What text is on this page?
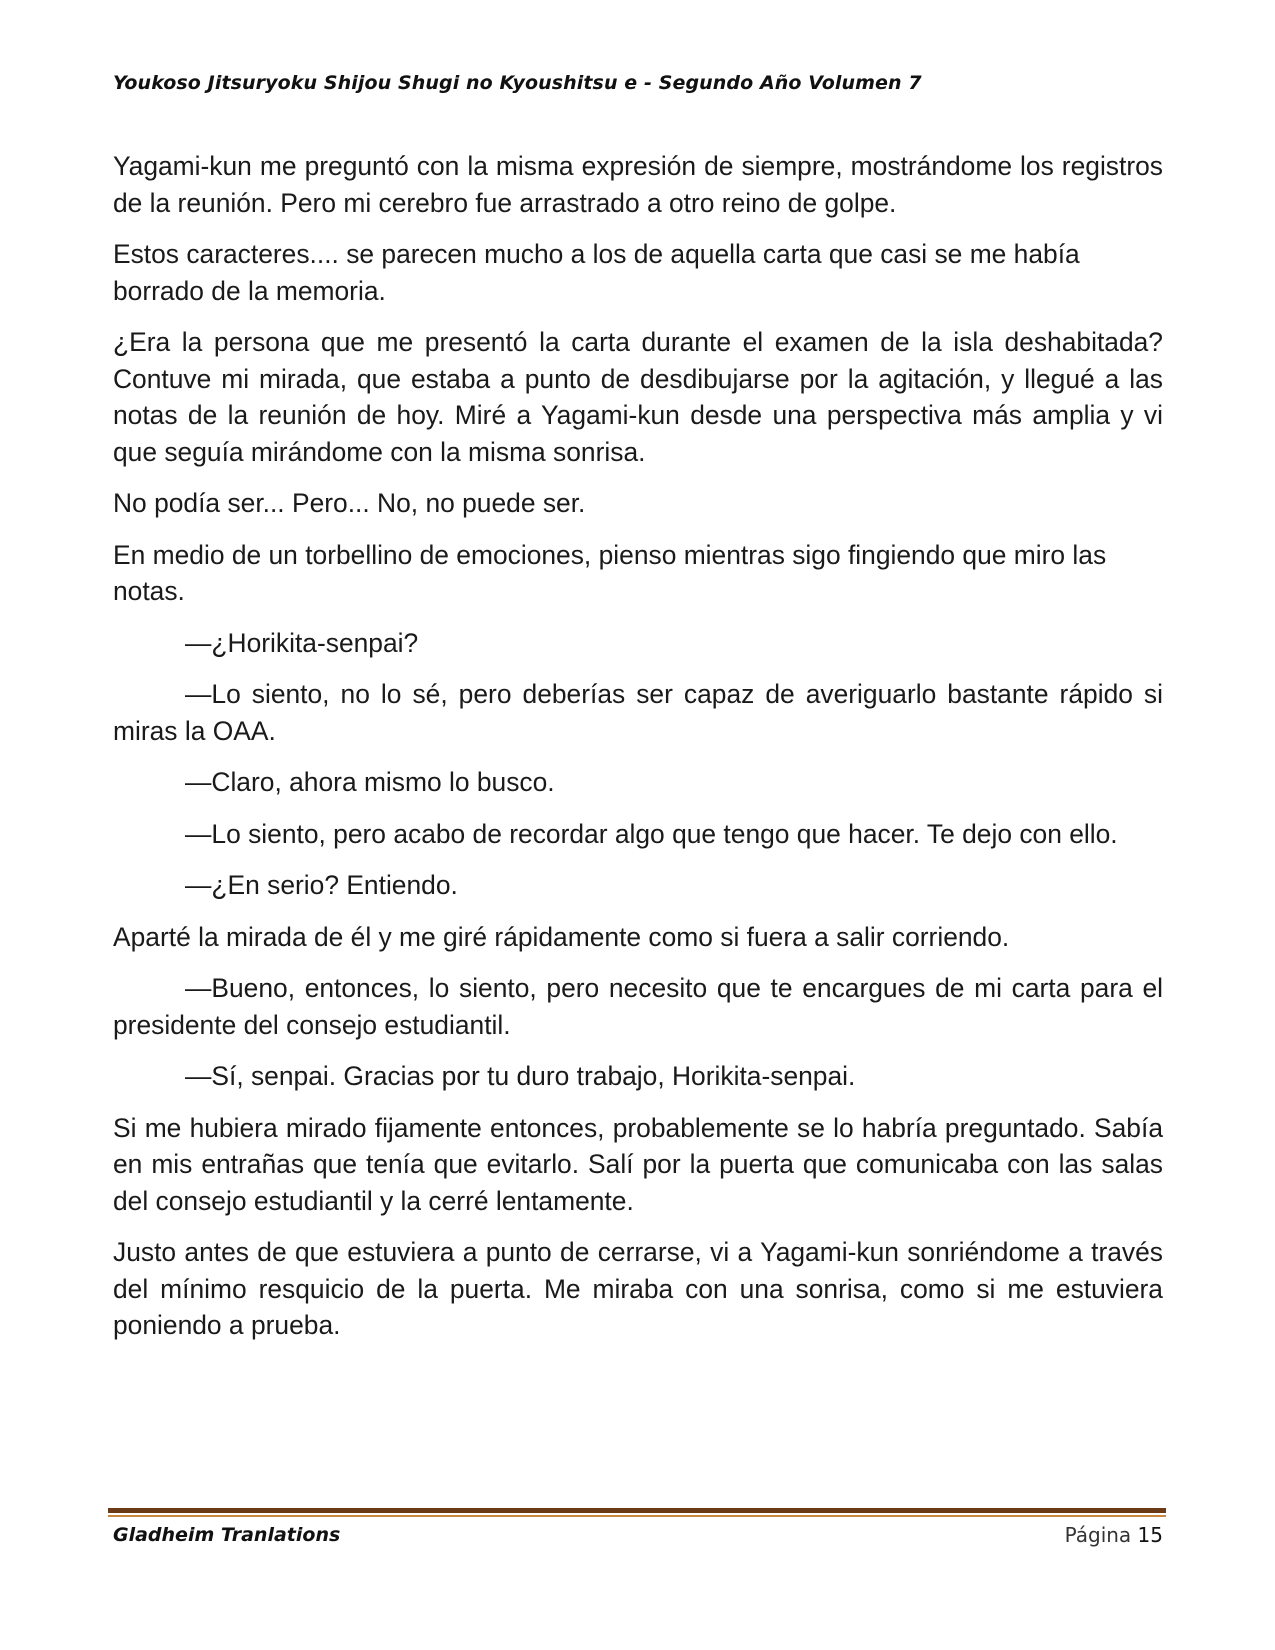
Youkoso Jitsuryoku Shijou Shugi no Kyoushitsu e - Segundo Año Volumen 7

Yagami-kun me preguntó con la misma expresión de siempre, mostrándome los registros de la reunión. Pero mi cerebro fue arrastrado a otro reino de golpe.

Estos caracteres.... se parecen mucho a los de aquella carta que casi se me había borrado de la memoria.

¿Era la persona que me presentó la carta durante el examen de la isla deshabitada? Contuve mi mirada, que estaba a punto de desdibujarse por la agitación, y llegué a las notas de la reunión de hoy. Miré a Yagami-kun desde una perspectiva más amplia y vi que seguía mirándome con la misma sonrisa.

No podía ser... Pero... No, no puede ser.

En medio de un torbellino de emociones, pienso mientras sigo fingiendo que miro las notas.

—¿Horikita-senpai?

—Lo siento, no lo sé, pero deberías ser capaz de averiguarlo bastante rápido si miras la OAA.

—Claro, ahora mismo lo busco.

—Lo siento, pero acabo de recordar algo que tengo que hacer. Te dejo con ello.

—¿En serio? Entiendo.

Aparté la mirada de él y me giré rápidamente como si fuera a salir corriendo.

—Bueno, entonces, lo siento, pero necesito que te encargues de mi carta para el presidente del consejo estudiantil.

—Sí, senpai. Gracias por tu duro trabajo, Horikita-senpai.

Si me hubiera mirado fijamente entonces, probablemente se lo habría preguntado. Sabía en mis entrañas que tenía que evitarlo. Salí por la puerta que comunicaba con las salas del consejo estudiantil y la cerré lentamente.

Justo antes de que estuviera a punto de cerrarse, vi a Yagami-kun sonriéndome a través del mínimo resquicio de la puerta. Me miraba con una sonrisa, como si me estuviera poniendo a prueba.

Gladheim Tranlations	Página 15
